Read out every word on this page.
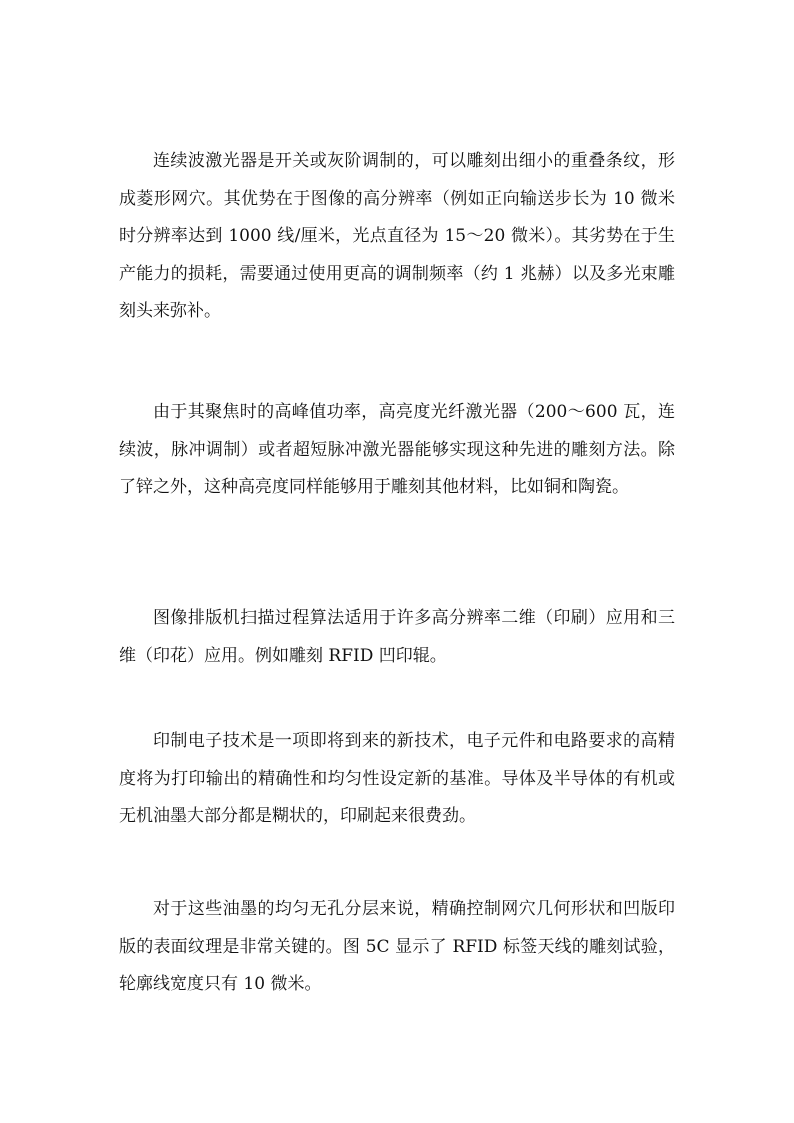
连续波激光器是开关或灰阶调制的，可以雕刻出细小的重叠条纹，形成菱形网穴。其优势在于图像的高分辨率（例如正向输送步长为 10 微米时分辨率达到 1000 线/厘米，光点直径为 15～20 微米）。其劣势在于生产能力的损耗，需要通过使用更高的调制频率（约 1 兆赫）以及多光束雕刻头来弥补。

由于其聚焦时的高峰值功率，高亮度光纤激光器（200～600 瓦，连续波，脉冲调制）或者超短脉冲激光器能够实现这种先进的雕刻方法。除了锌之外，这种高亮度同样能够用于雕刻其他材料，比如铜和陶瓷。

图像排版机扫描过程算法适用于许多高分辨率二维（印刷）应用和三维（印花）应用。例如雕刻 RFID 凹印辊。

印制电子技术是一项即将到来的新技术，电子元件和电路要求的高精度将为打印输出的精确性和均匀性设定新的基准。导体及半导体的有机或无机油墨大部分都是糊状的，印刷起来很费劲。

对于这些油墨的均匀无孔分层来说，精确控制网穴几何形状和凹版印版的表面纹理是非常关键的。图 5C 显示了 RFID 标签天线的雕刻试验，轮廓线宽度只有 10 微米。
